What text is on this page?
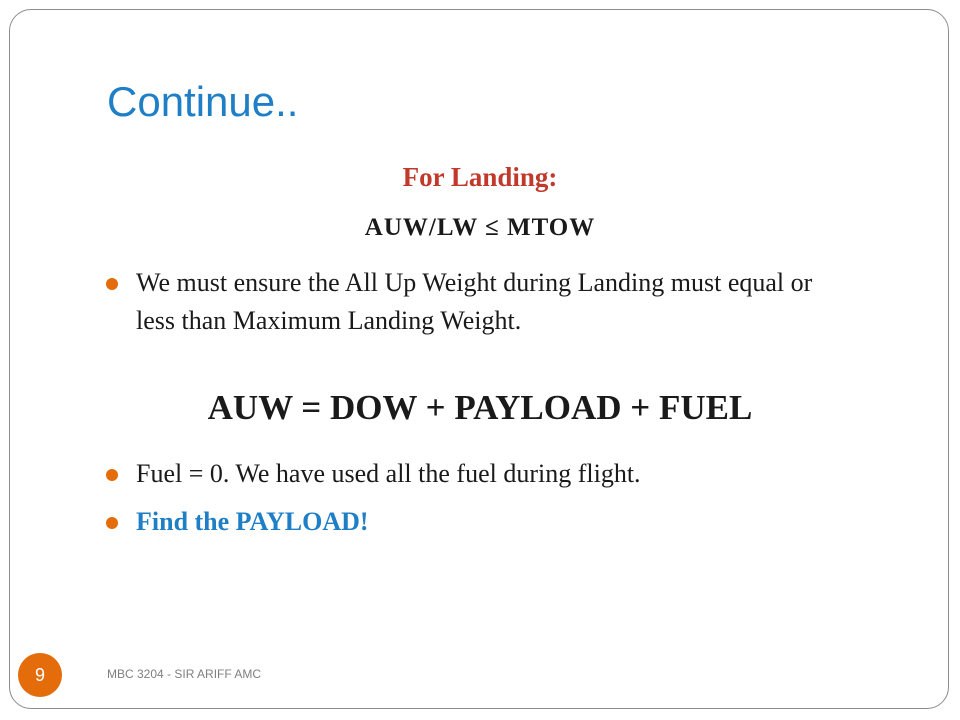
Continue..
For Landing:
AUW/LW ≤ MTOW
We must ensure the All Up Weight during Landing must equal or less than Maximum Landing Weight.
AUW = DOW + PAYLOAD + FUEL
Fuel = 0. We have used all the fuel during flight.
Find the PAYLOAD!
9	MBC 3204 - SIR ARIFF AMC
